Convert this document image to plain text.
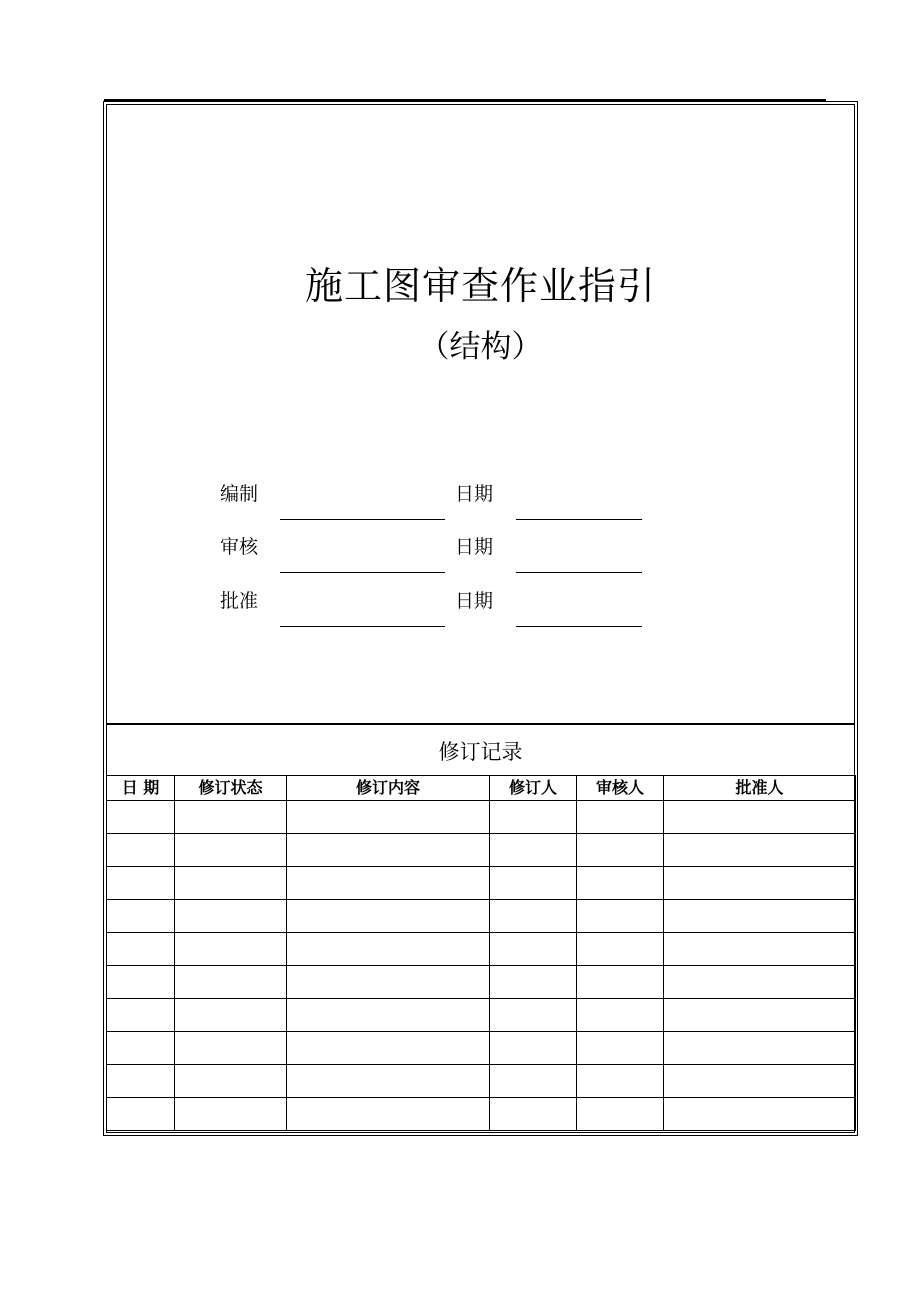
施工图审查作业指引
（结构）
编制	日期
审核	日期
批准	日期
修订记录
日 期	修订状态	修订内容	修订人	审核人	批准人
